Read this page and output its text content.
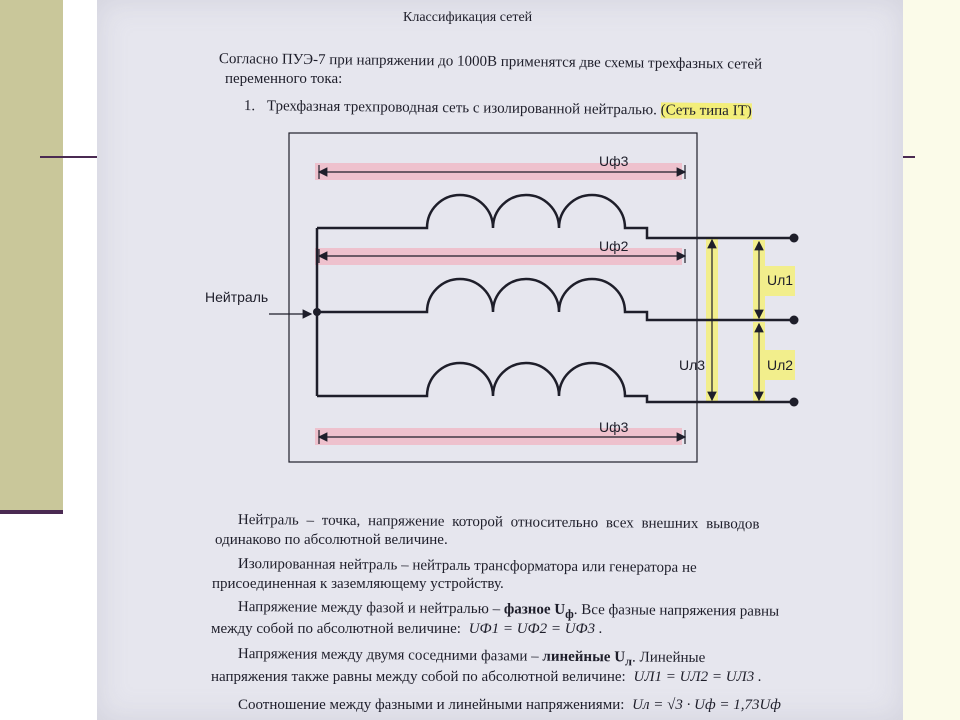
Классификация сетей
Согласно ПУЭ-7 при напряжении до 1000В применятся две схемы трехфазных сетей
переменного тока:
1. Трехфазная трехпроводная сеть с изолированной нейтралью. (Сеть типа IT)
Uф3
Uф2
Uф3
Нейтраль
Uл1
Uл2
Uл3
Нейтраль – точка, напряжение которой относительно всех внешних выводов
одинаково по абсолютной величине.
Изолированная нейтраль – нейтраль трансформатора или генератора не
присоединенная к заземляющему устройству.
Напряжение между фазой и нейтралью – фазное $U_ф$. Все фазные напряжения равны
между собой по абсолютной величине: UФ1 = UФ2 = UФ3 .
Напряжения между двумя соседними фазами – линейные $U_л$. Линейные
напряжения также равны между собой по абсолютной величине: UЛ1 = UЛ2 = UЛ3 .
Соотношение между фазными и линейными напряжениями: Uл = √3 · Uф = 1,73Uф
